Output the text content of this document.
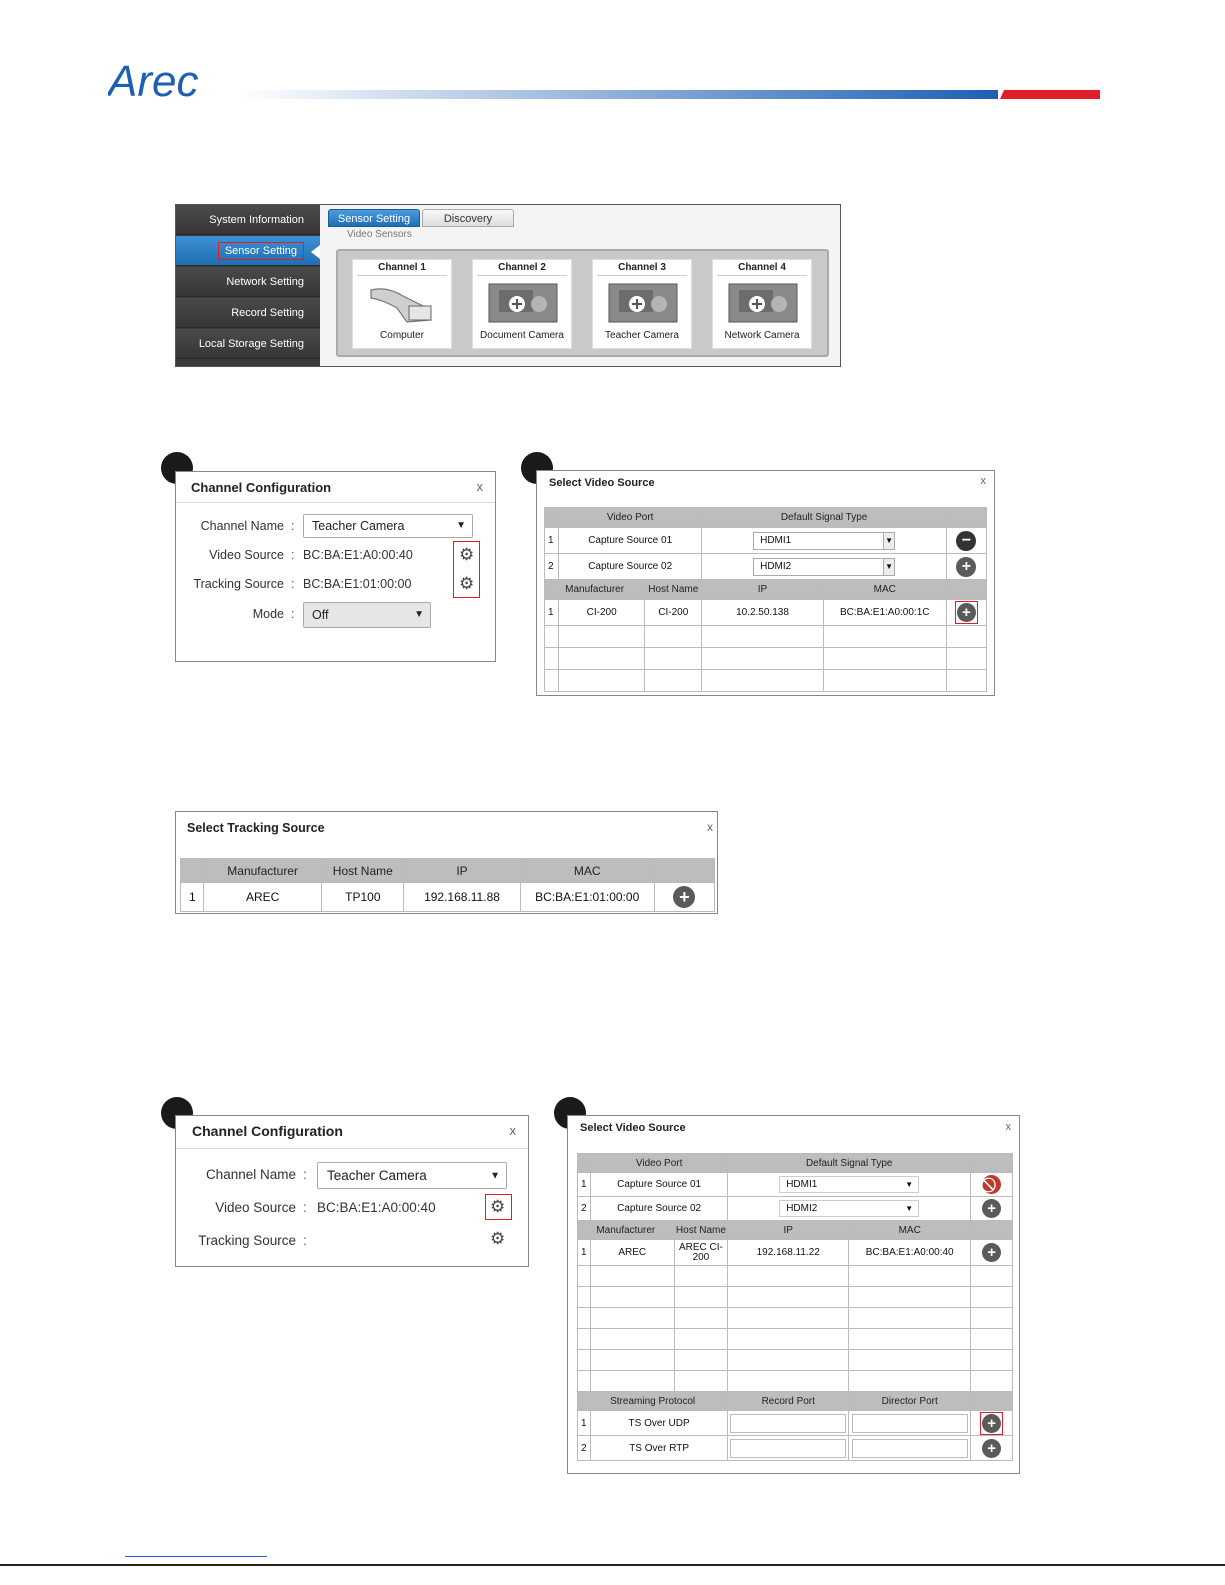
Arec
System Information
Sensor Setting
Network Setting
Record Setting
Local Storage Setting
Sensor Setting	Discovery
Video Sensors
Channel 1
Computer
Channel 2
Document Camera
Channel 3
Teacher Camera
Channel 4
Network Camera
Channel Configuration	x
Channel Name :	Teacher Camera	▼
Video Source : BC:BA:E1:A0:00:40	⚙
⚙
Tracking Source : BC:BA:E1:01:00:00
Mode :	Off	▼
Select Video Source	x
	Video Port		Default Signal Type		
1	Capture Source 01		HDMI1 ▼		−
2	Capture Source 02		HDMI2 ▼		+
Manufacturer		Host Name	IP	MAC	
1	CI-200	CI-200	10.2.50.138	BC:BA:E1:A0:00:1C	+

Select Tracking Source	x
	Manufacturer	Host Name	IP	MAC	
1	AREC	TP100	192.168.11.88	BC:BA:E1:01:00:00	+
Channel Configuration	x
Channel Name :	Teacher Camera	▼
Video Source : BC:BA:E1:A0:00:40	⚙
Tracking Source :	⚙
Select Video Source	x
	Video Port		Default Signal Type		
1	Capture Source 01		HDMI1 ▼

2	Capture Source 02		HDMI2 ▼		+
Manufacturer		Host Name	IP	MAC	
1	AREC	AREC CI-200	192.168.11.22	BC:BA:E1:A0:00:40	+

Streaming Protocol			Record Port	Director Port	
1	TS Over UDP				+
2	TS Over RTP				+
